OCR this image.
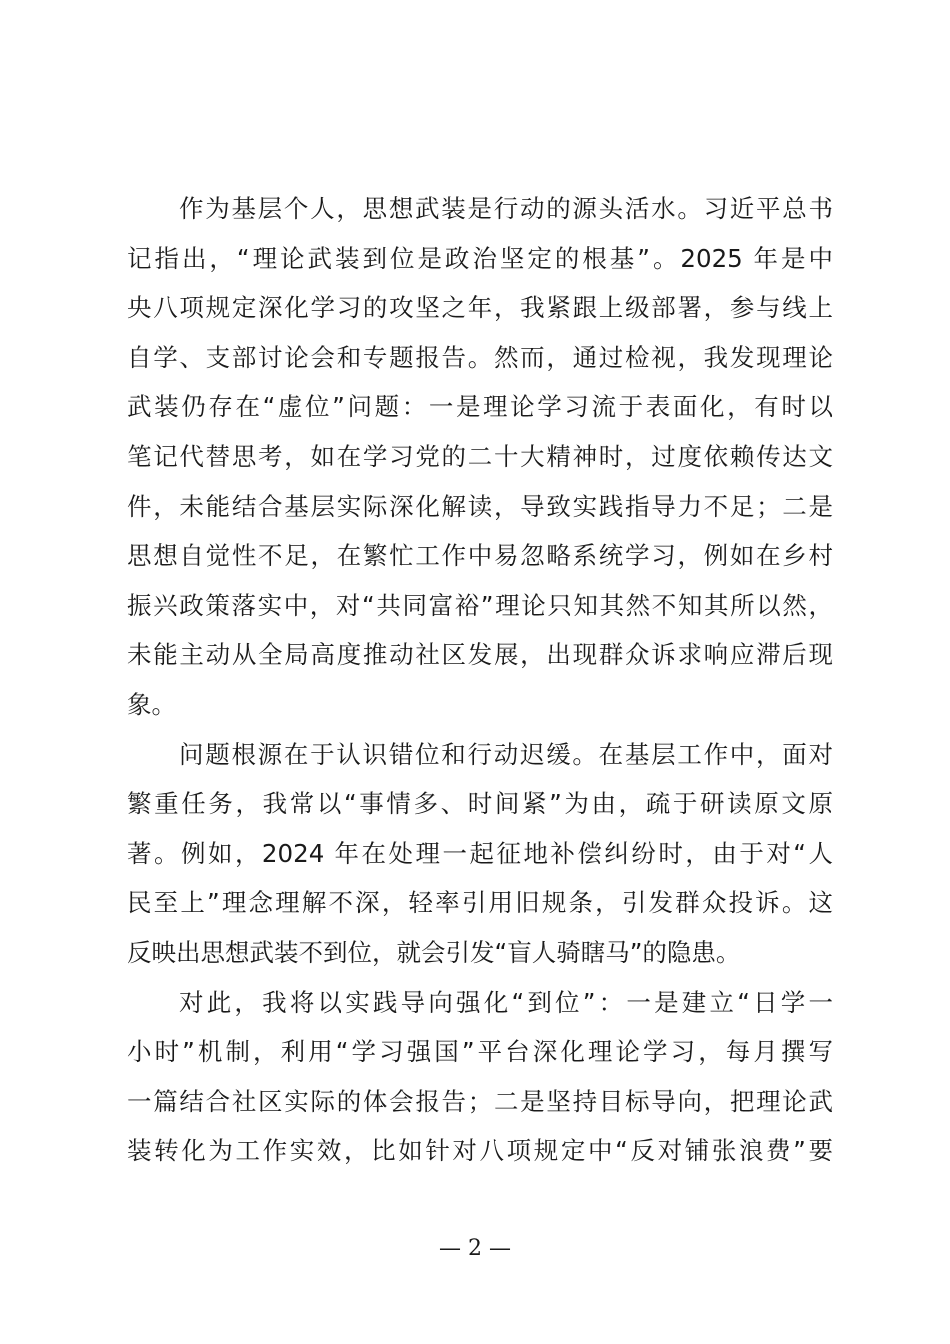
作为基层个人，思想武装是行动的源头活水。习近平总书
记指出，“理论武装到位是政治坚定的根基”。2025 年是中
央八项规定深化学习的攻坚之年，我紧跟上级部署，参与线上
自学、支部讨论会和专题报告。然而，通过检视，我发现理论
武装仍存在“虚位”问题：一是理论学习流于表面化，有时以
笔记代替思考，如在学习党的二十大精神时，过度依赖传达文
件，未能结合基层实际深化解读，导致实践指导力不足；二是
思想自觉性不足，在繁忙工作中易忽略系统学习，例如在乡村
振兴政策落实中，对“共同富裕”理论只知其然不知其所以然，
未能主动从全局高度推动社区发展，出现群众诉求响应滞后现
象。
问题根源在于认识错位和行动迟缓。在基层工作中，面对
繁重任务，我常以“事情多、时间紧”为由，疏于研读原文原
著。例如，2024 年在处理一起征地补偿纠纷时，由于对“人
民至上”理念理解不深，轻率引用旧规条，引发群众投诉。这
反映出思想武装不到位，就会引发“盲人骑瞎马”的隐患。
对此，我将以实践导向强化“到位”：一是建立“日学一
小时”机制，利用“学习强国”平台深化理论学习，每月撰写
一篇结合社区实际的体会报告；二是坚持目标导向，把理论武
装转化为工作实效，比如针对八项规定中“反对铺张浪费”要
— 2 —
